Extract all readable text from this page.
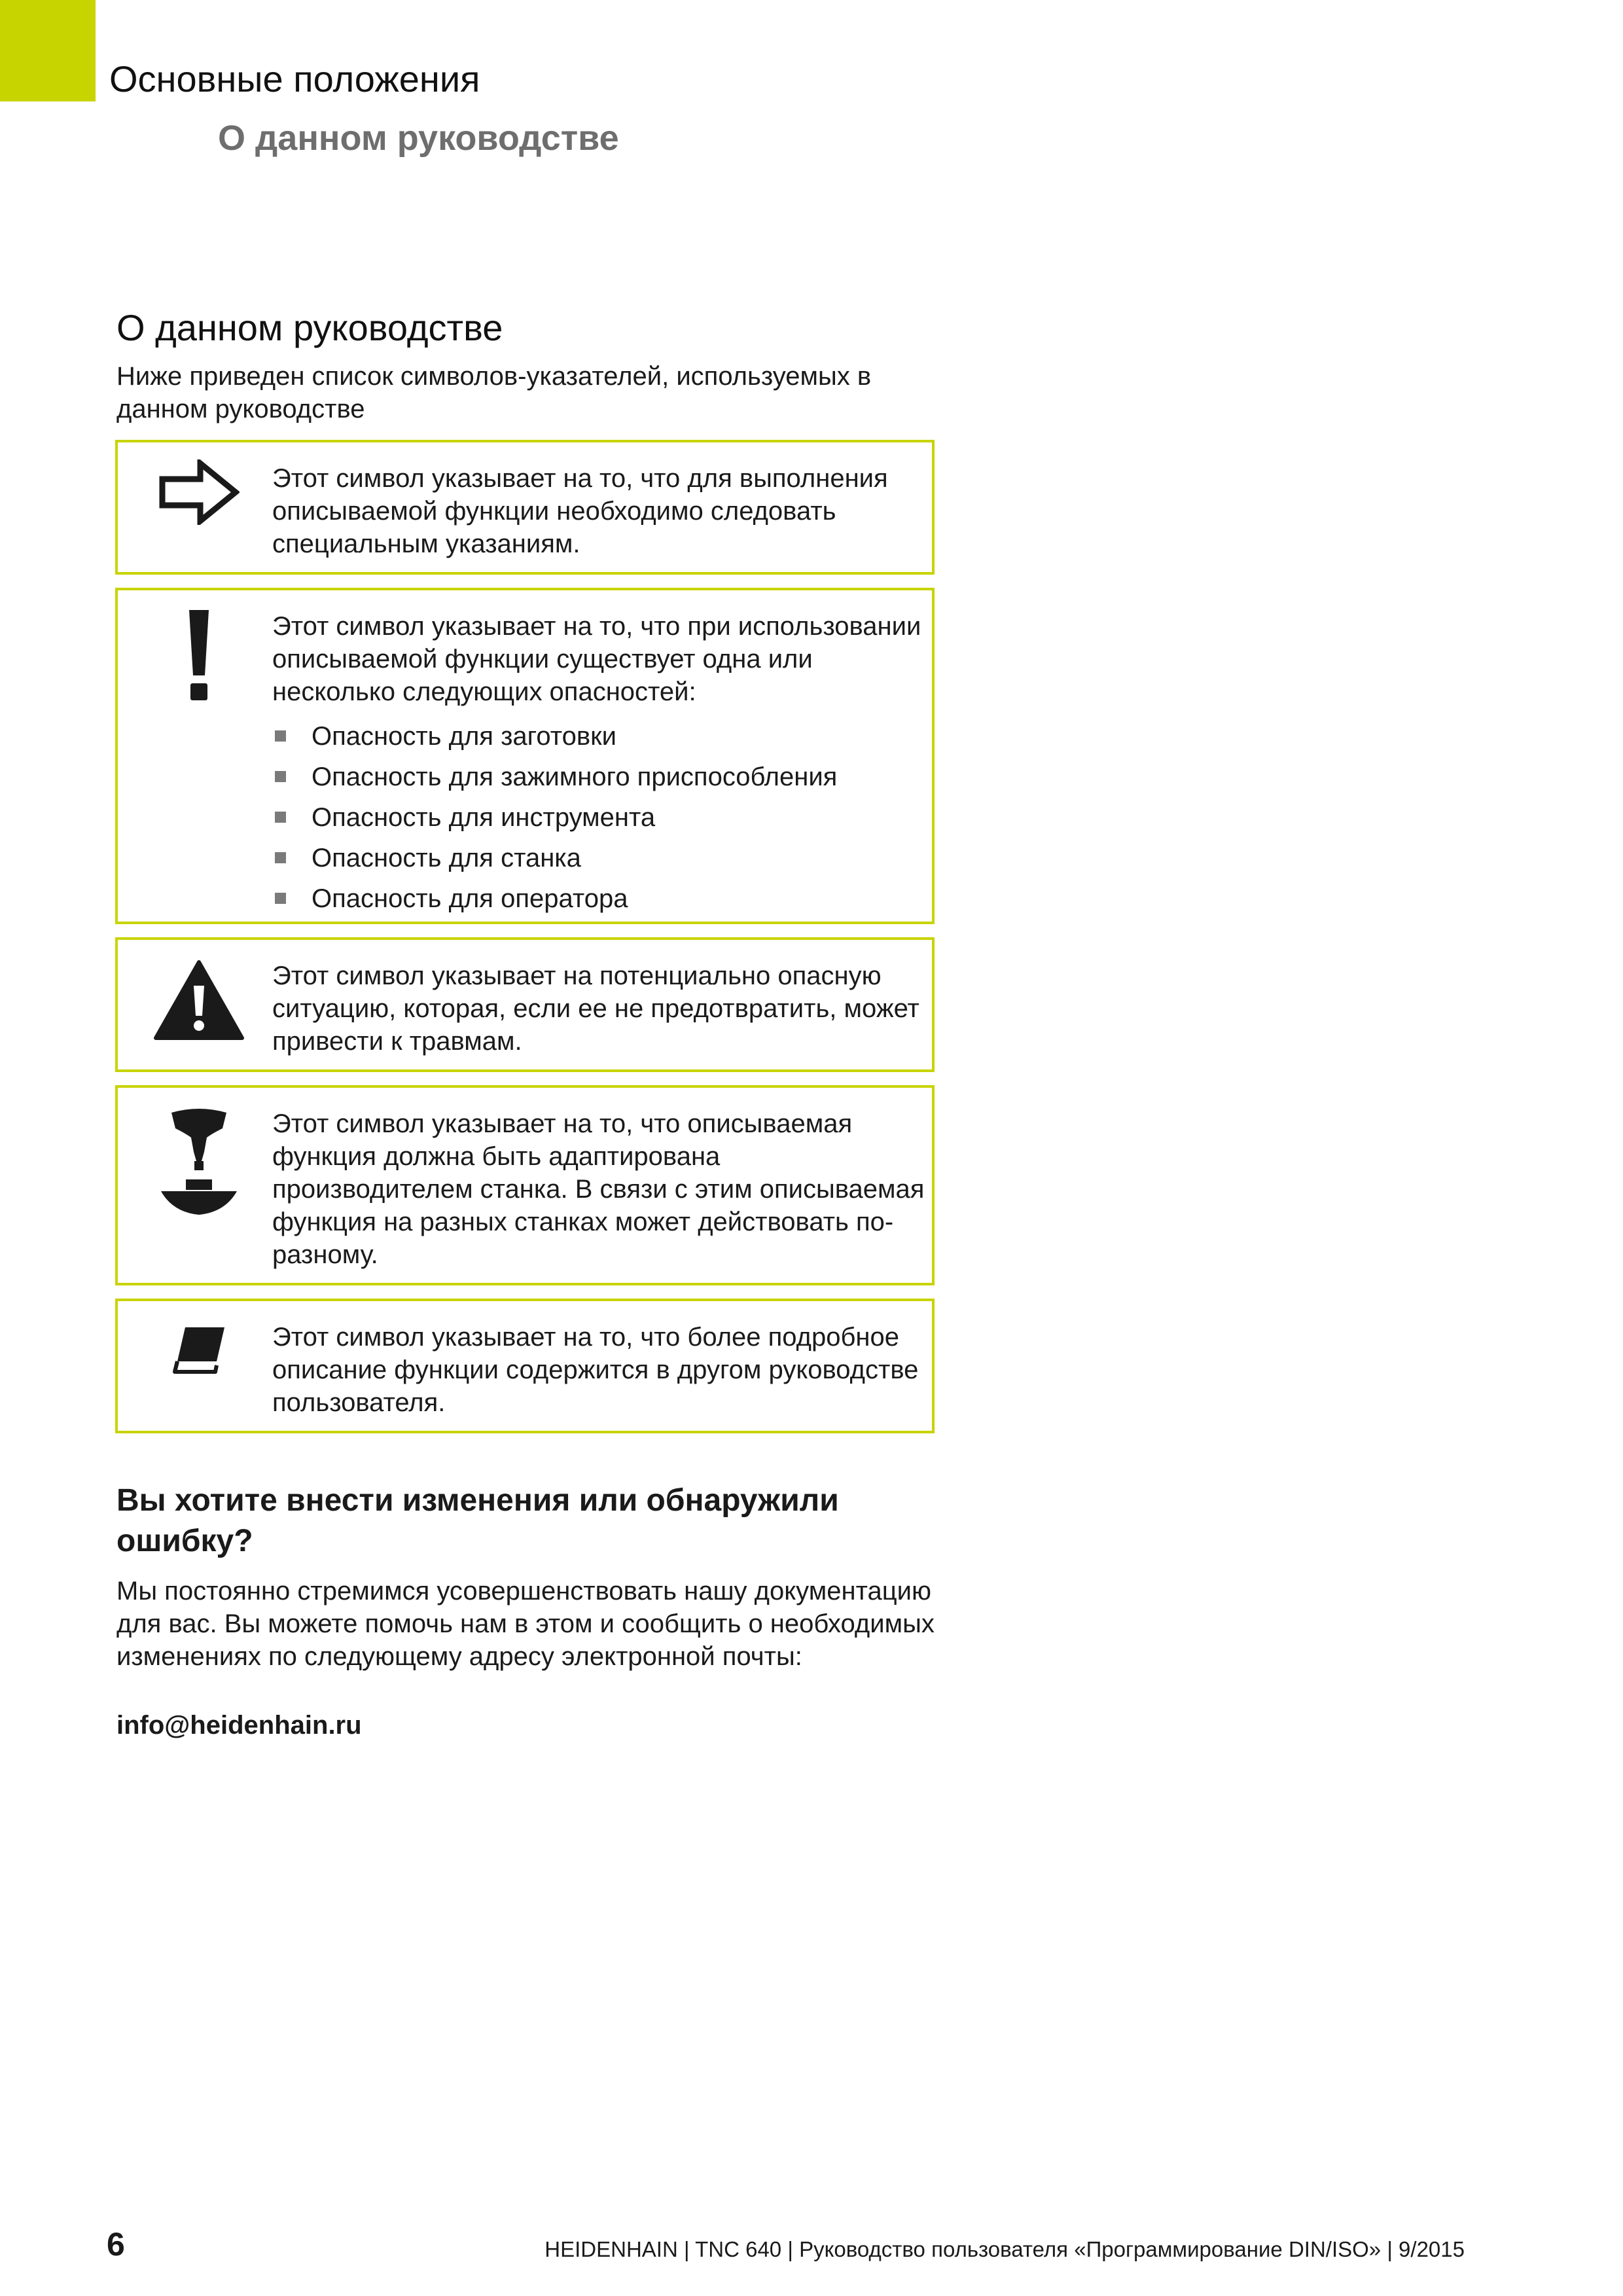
Основные положения
О данном руководстве
О данном руководстве

Ниже приведен список символов-указателей, используемых в данном руководстве

Этот символ указывает на то, что для выполнения описываемой функции необходимо следовать специальным указаниям.

Этот символ указывает на то, что при использовании описываемой функции существует одна или несколько следующих опасностей:

Опасность для заготовки
Опасность для зажимного приспособления
Опасность для инструмента
Опасность для станка
Опасность для оператора

Этот символ указывает на потенциально опасную ситуацию, которая, если ее не предотвратить, может привести к травмам.

Этот символ указывает на то, что описываемая функция должна быть адаптирована производителем станка. В связи с этим описываемая функция на разных станках может действовать по-разному.

Этот символ указывает на то, что более подробное описание функции содержится в другом руководстве пользователя.

Вы хотите внести изменения или обнаружили ошибку?

Мы постоянно стремимся усовершенствовать нашу документацию для вас. Вы можете помочь нам в этом и сообщить о необходимых изменениях по следующему адресу электронной почты:

info@heidenhain.ru

6	HEIDENHAIN | TNC 640 | Руководство пользователя «Программирование DIN/ISO» | 9/2015
